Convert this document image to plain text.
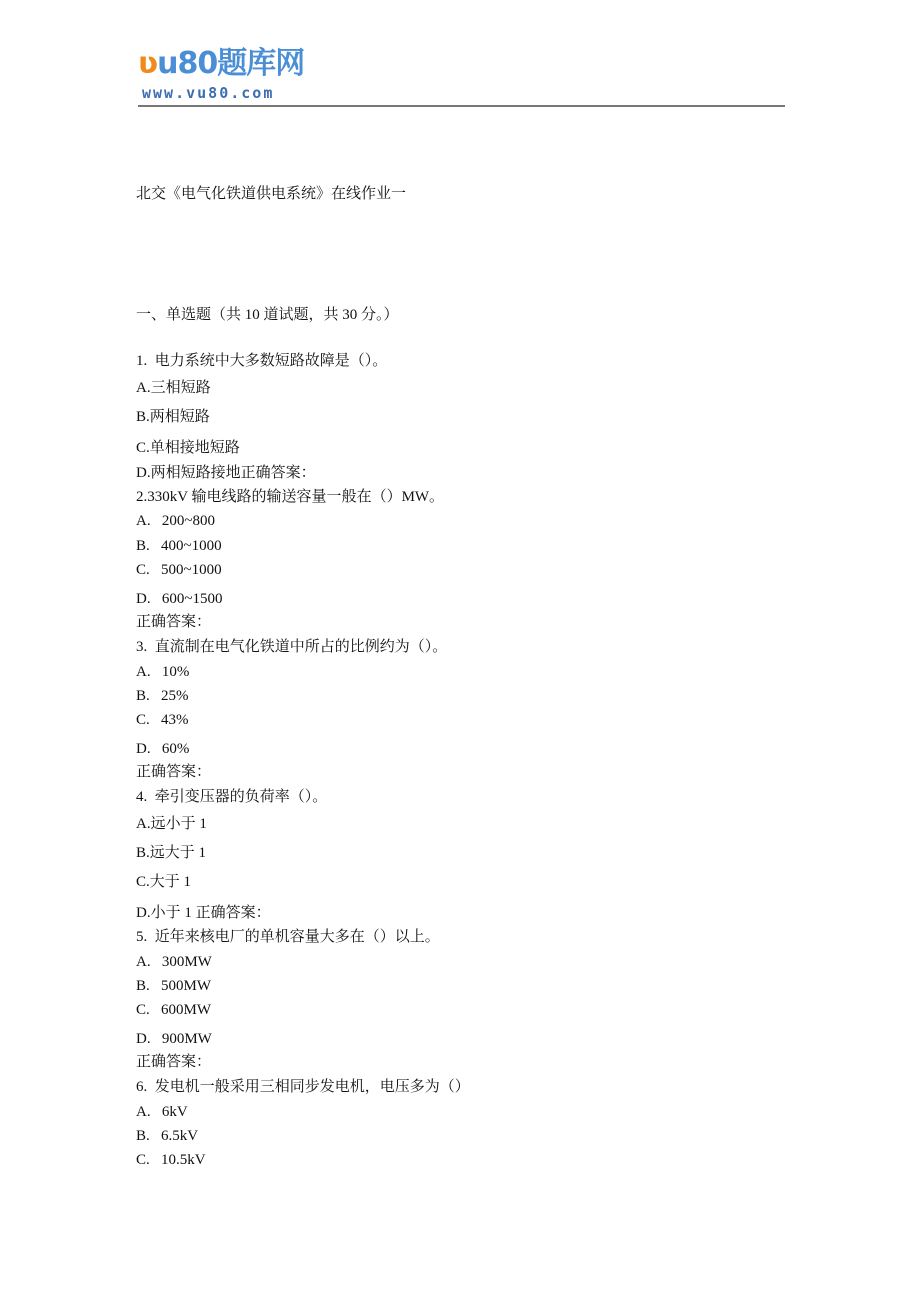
ʋu80题库网
www.vu80.com
北交《电气化铁道供电系统》在线作业一
一、单选题（共 10 道试题，共 30 分。）
1.  电力系统中大多数短路故障是（）。
A.三相短路
B.两相短路
C.单相接地短路
D.两相短路接地正确答案：
2.330kV 输电线路的输送容量一般在（）MW。
A.   200~800
B.   400~1000
C.   500~1000
D.   600~1500
正确答案：
3.  直流制在电气化铁道中所占的比例约为（）。
A.   10%
B.   25%
C.   43%
D.   60%
正确答案：
4.  牵引变压器的负荷率（）。
A.远小于 1
B.远大于 1
C.大于 1
D.小于 1 正确答案：
5.  近年来核电厂的单机容量大多在（）以上。
A.   300MW
B.   500MW
C.   600MW
D.   900MW
正确答案：
6.  发电机一般采用三相同步发电机，电压多为（）
A.   6kV
B.   6.5kV
C.   10.5kV
